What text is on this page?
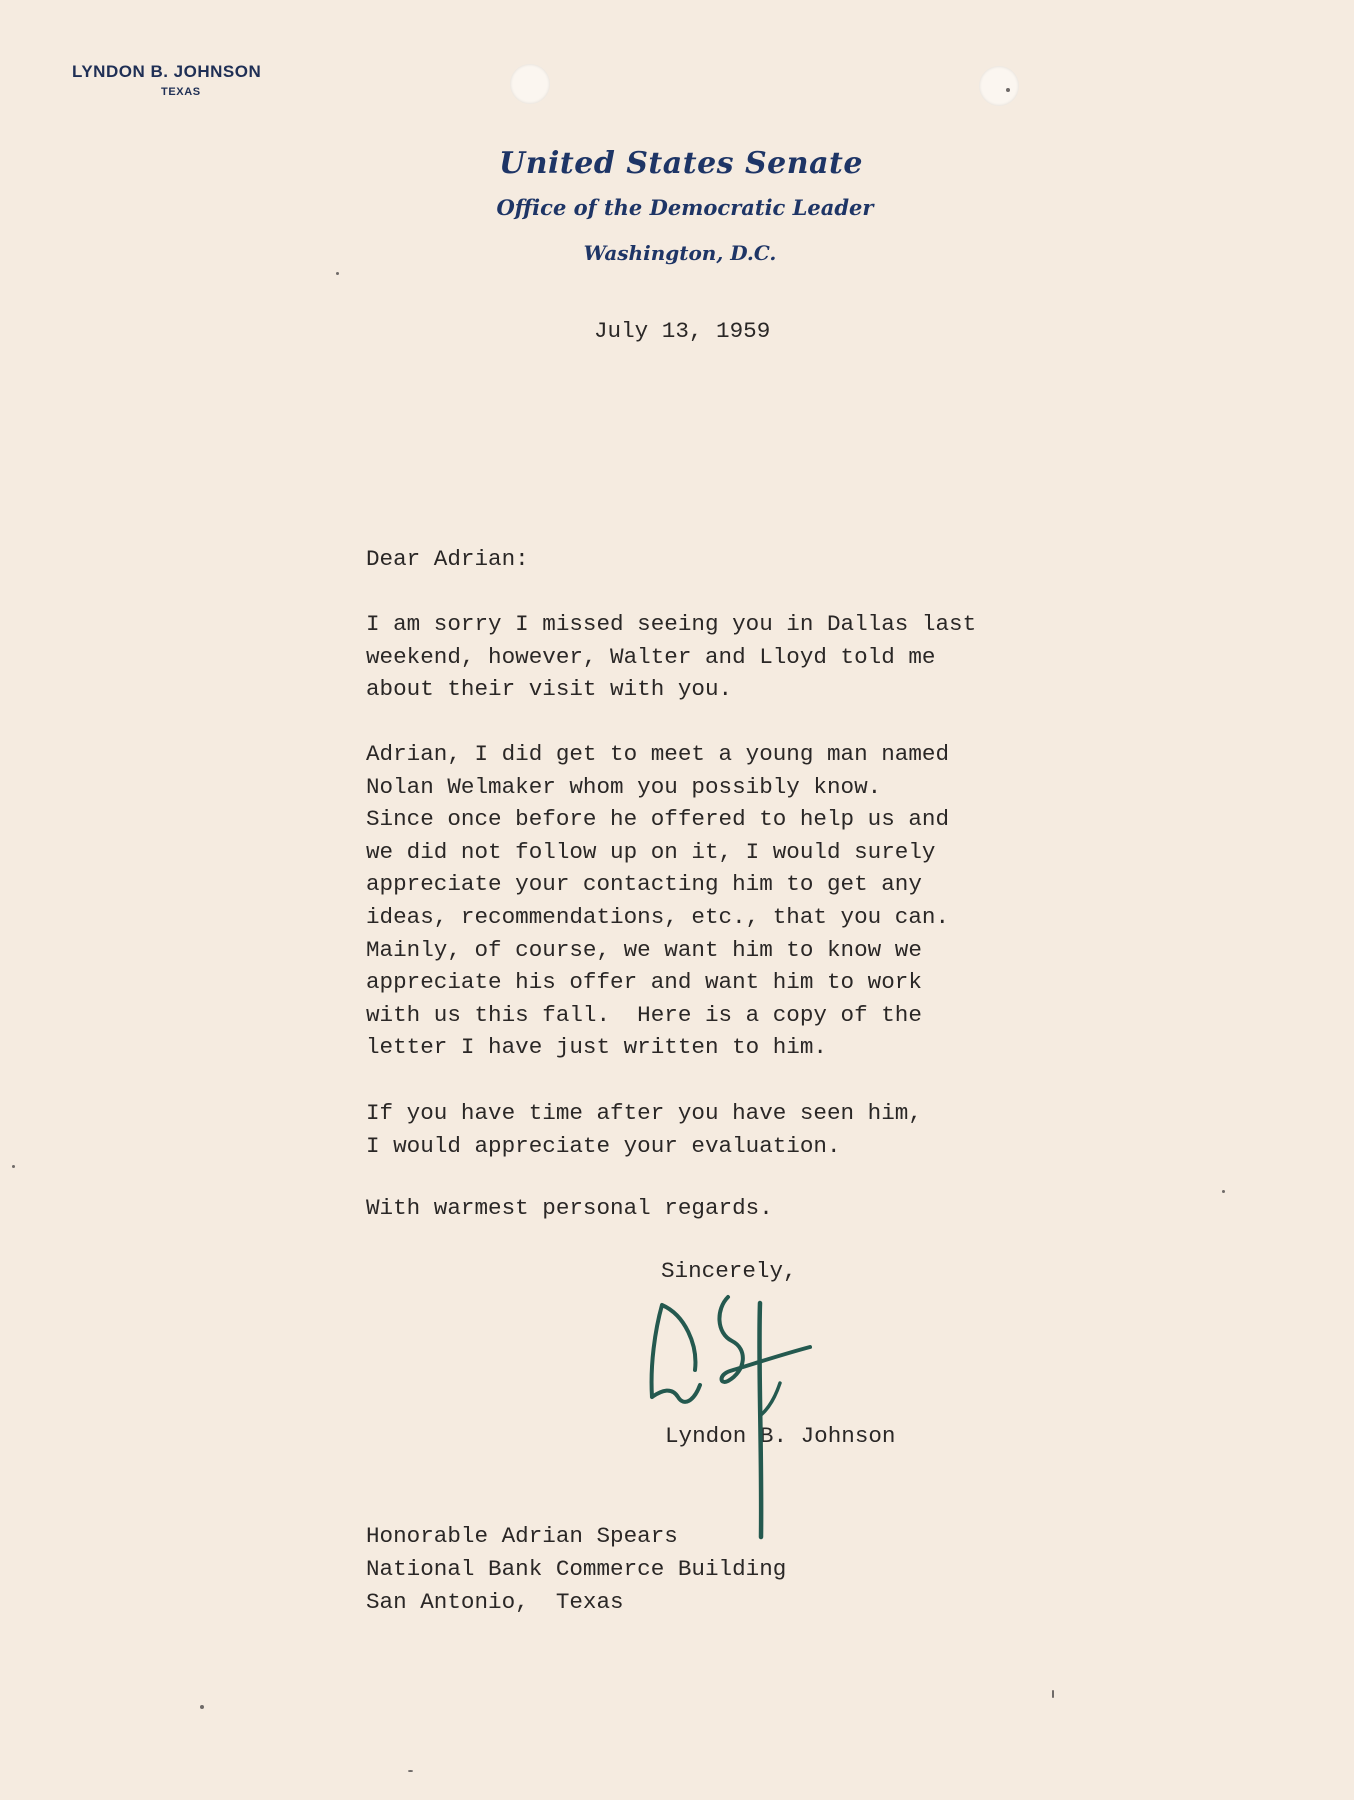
LYNDON B. JOHNSON
TEXAS
United States Senate
Office of the Democratic Leader
Washington, D.C.
July 13, 1959
Dear Adrian:
I am sorry I missed seeing you in Dallas last
weekend, however, Walter and Lloyd told me
about their visit with you.
Adrian, I did get to meet a young man named
Nolan Welmaker whom you possibly know.
Since once before he offered to help us and
we did not follow up on it, I would surely
appreciate your contacting him to get any
ideas, recommendations, etc., that you can.
Mainly, of course, we want him to know we
appreciate his offer and want him to work
with us this fall.  Here is a copy of the
letter I have just written to him.
If you have time after you have seen him,
I would appreciate your evaluation.
With warmest personal regards.
Sincerely,
Lyndon B. Johnson
Honorable Adrian Spears
National Bank Commerce Building
San Antonio,  Texas
